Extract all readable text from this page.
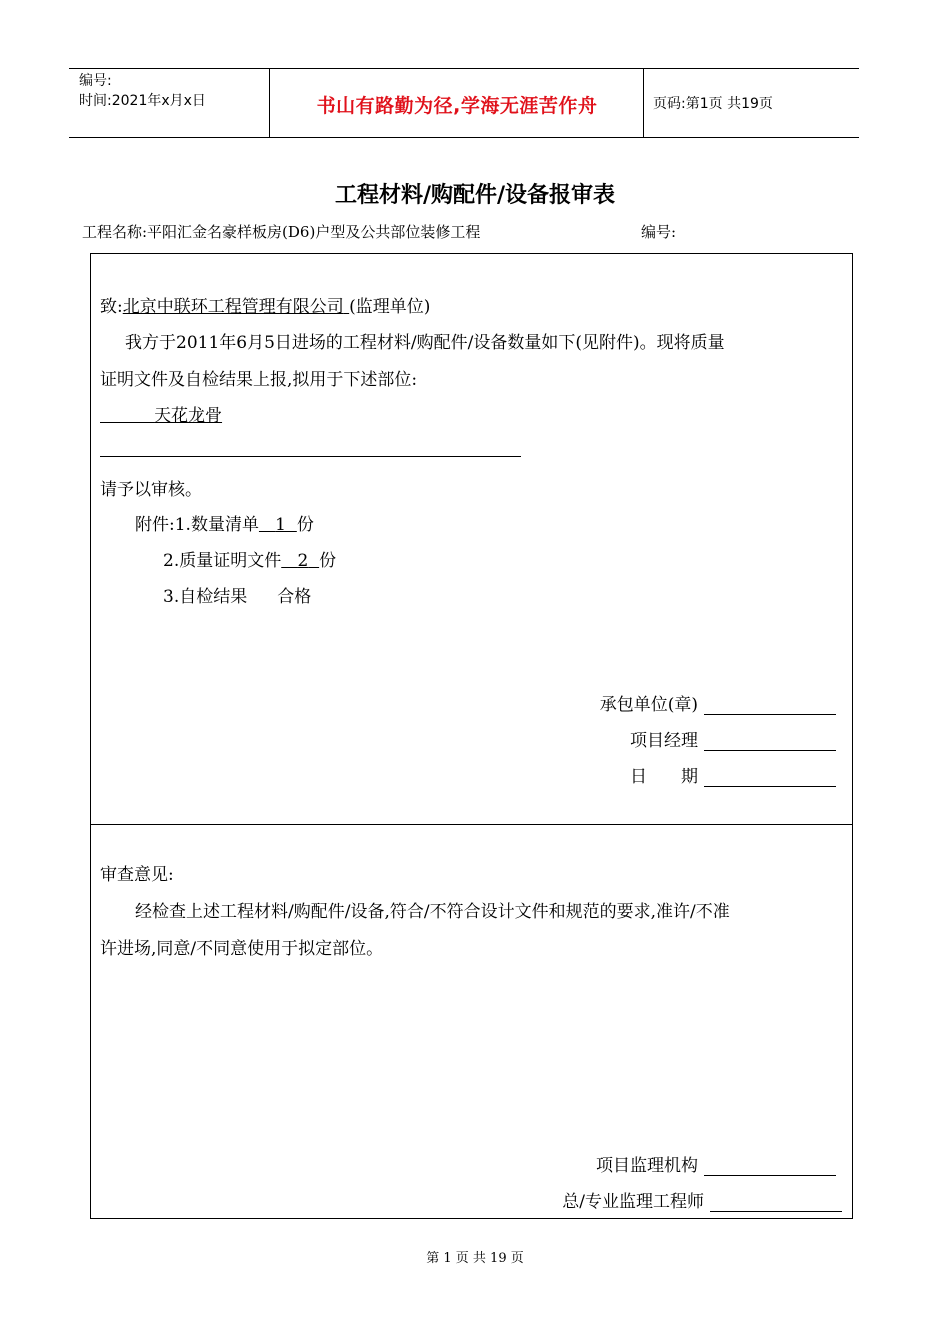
编号:
时间:2021年x月x日	书山有路勤为径,学海无涯苦作舟	页码:第1页 共19页
工程材料/购配件/设备报审表
工程名称:平阳汇金名豪样板房(D6)户型及公共部位装修工程	编号:
致:北京中联环工程管理有限公司 (监理单位)
我方于2011年6月5日进场的工程材料/购配件/设备数量如下(见附件)。现将质量
证明文件及自检结果上报,拟用于下述部位:
天花龙骨
请予以审核。
附件:1.数量清单 1 份
2.质量证明文件 2 份
3.自检结果 合格
承包单位(章)
项目经理
日　　期
审查意见:
经检查上述工程材料/购配件/设备,符合/不符合设计文件和规范的要求,准许/不准
许进场,同意/不同意使用于拟定部位。
项目监理机构
总/专业监理工程师
第 1 页 共 19 页
